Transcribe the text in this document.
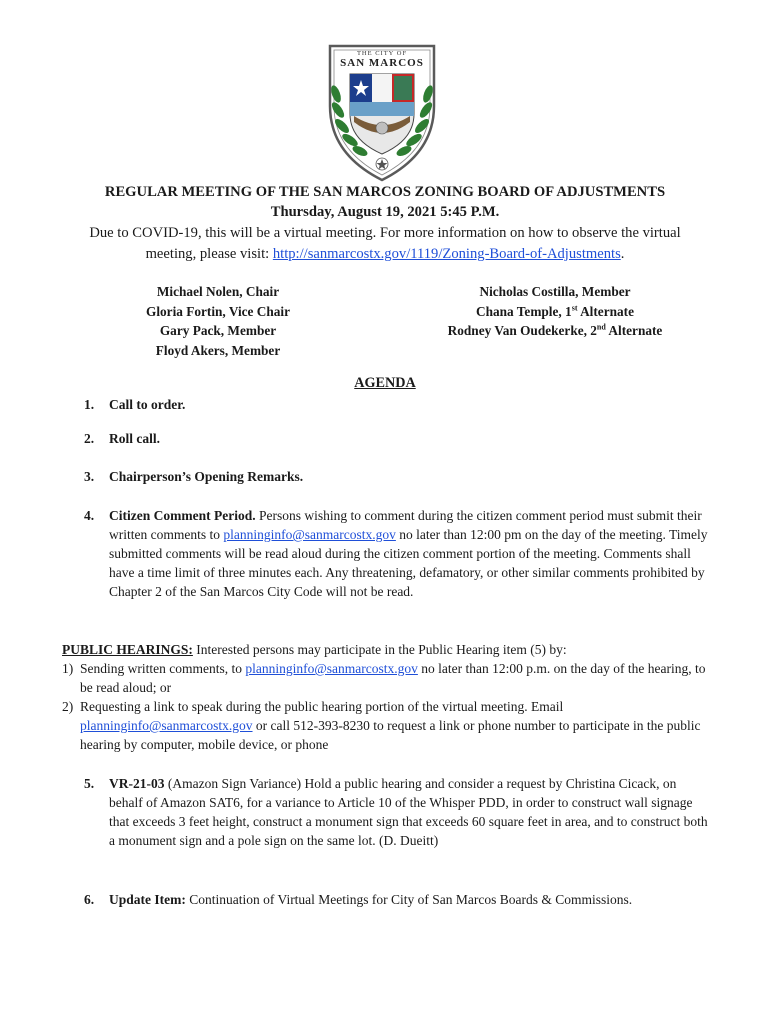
THE CITY OF
SAN MARCOS
REGULAR MEETING OF THE SAN MARCOS ZONING BOARD OF ADJUSTMENTS
Thursday, August 19, 2021 5:45 P.M.

Due to COVID-19, this will be a virtual meeting. For more information on how to observe the virtual meeting, please visit: http://sanmarcostx.gov/1119/Zoning-Board-of-Adjustments.

Michael Nolen, Chair
Gloria Fortin, Vice Chair
Gary Pack, Member
Floyd Akers, Member
Nicholas Costilla, Member
Chana Temple, 1st Alternate
Rodney Van Oudekerke, 2nd Alternate
AGENDA
1.	Call to order.
2.	Roll call.
3.	Chairperson’s Opening Remarks.
4.	Citizen Comment Period. Persons wishing to comment during the citizen comment period must submit their written comments to planninginfo@sanmarcostx.gov no later than 12:00 pm on the day of the meeting. Timely submitted comments will be read aloud during the citizen comment portion of the meeting. Comments shall have a time limit of three minutes each. Any threatening, defamatory, or other similar comments prohibited by Chapter 2 of the San Marcos City Code will not be read.
PUBLIC HEARINGS: Interested persons may participate in the Public Hearing item (5) by:
1) Sending written comments, to planninginfo@sanmarcostx.gov no later than 12:00 p.m. on the day of the hearing, to be read aloud; or
2) Requesting a link to speak during the public hearing portion of the virtual meeting. Email planninginfo@sanmarcostx.gov or call 512-393-8230 to request a link or phone number to participate in the public hearing by computer, mobile device, or phone
5.	VR-21-03 (Amazon Sign Variance) Hold a public hearing and consider a request by Christina Cicack, on behalf of Amazon SAT6, for a variance to Article 10 of the Whisper PDD, in order to construct wall signage that exceeds 3 feet height, construct a monument sign that exceeds 60 square feet in area, and to construct both a monument sign and a pole sign on the same lot. (D. Dueitt)
6.	Update Item: Continuation of Virtual Meetings for City of San Marcos Boards & Commissions.
